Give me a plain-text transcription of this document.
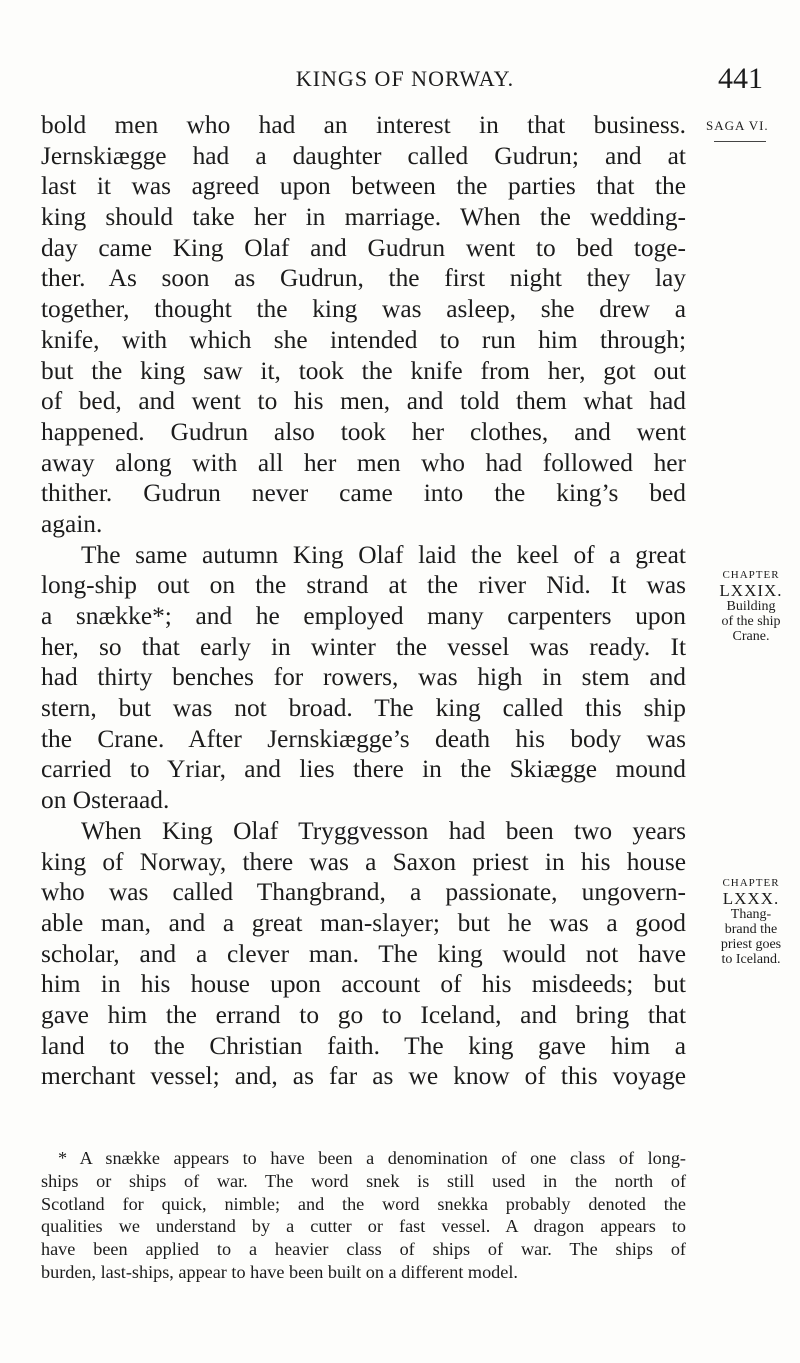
KINGS OF NORWAY.	441
SAGA VI.
CHAPTER
LXXIX.
Building
of the ship
Crane.
CHAPTER
LXXX.
Thang-
brand the
priest goes
to Iceland.
bold men who had an interest in that business.
Jernskiægge had a daughter called Gudrun; and at
last it was agreed upon between the parties that the
king should take her in marriage. When the wedding-
day came King Olaf and Gudrun went to bed toge-
ther. As soon as Gudrun, the first night they lay
together, thought the king was asleep, she drew a
knife, with which she intended to run him through;
but the king saw it, took the knife from her, got out
of bed, and went to his men, and told them what had
happened. Gudrun also took her clothes, and went
away along with all her men who had followed her
thither. Gudrun never came into the king’s bed
again.
The same autumn King Olaf laid the keel of a great
long-ship out on the strand at the river Nid. It was
a snække*; and he employed many carpenters upon
her, so that early in winter the vessel was ready. It
had thirty benches for rowers, was high in stem and
stern, but was not broad. The king called this ship
the Crane. After Jernskiægge’s death his body was
carried to Yriar, and lies there in the Skiægge mound
on Osteraad.
When King Olaf Tryggvesson had been two years
king of Norway, there was a Saxon priest in his house
who was called Thangbrand, a passionate, ungovern-
able man, and a great man-slayer; but he was a good
scholar, and a clever man. The king would not have
him in his house upon account of his misdeeds; but
gave him the errand to go to Iceland, and bring that
land to the Christian faith. The king gave him a
merchant vessel; and, as far as we know of this voyage
* A snække appears to have been a denomination of one class of long-
ships or ships of war. The word snek is still used in the north of
Scotland for quick, nimble; and the word snekka probably denoted the
qualities we understand by a cutter or fast vessel. A dragon appears to
have been applied to a heavier class of ships of war. The ships of
burden, last-ships, appear to have been built on a different model.
